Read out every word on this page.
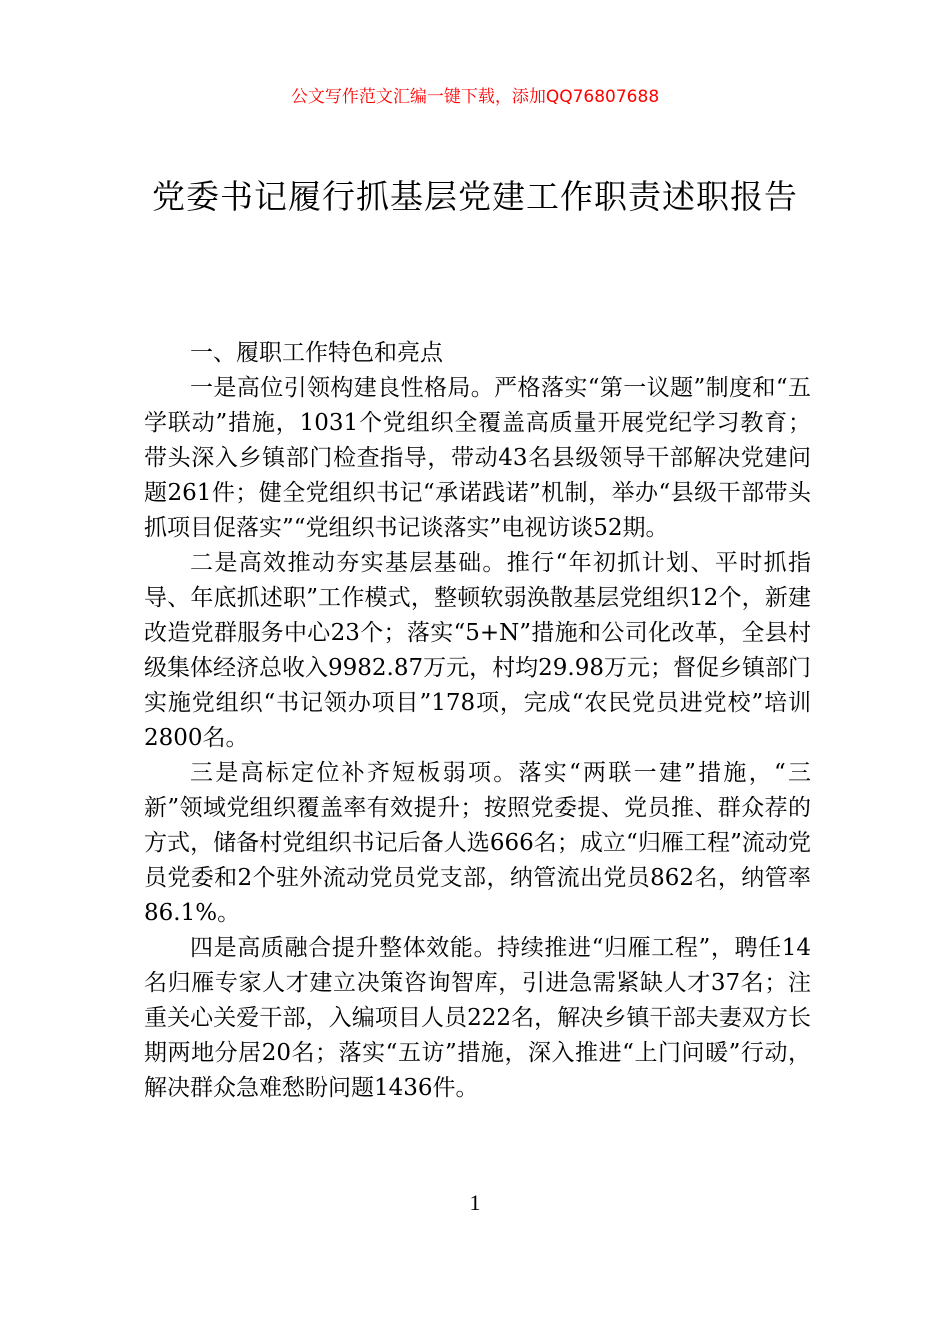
公文写作范文汇编一键下载，添加QQ76807688
党委书记履行抓基层党建工作职责述职报告

一、履职工作特色和亮点

一是高位引领构建良性格局。严格落实“第一议题”制度和“五学联动”措施，1031个党组织全覆盖高质量开展党纪学习教育；带头深入乡镇部门检查指导，带动43名县级领导干部解决党建问题261件；健全党组织书记“承诺践诺”机制，举办“县级干部带头抓项目促落实”“党组织书记谈落实”电视访谈52期。

二是高效推动夯实基层基础。推行“年初抓计划、平时抓指导、年底抓述职”工作模式，整顿软弱涣散基层党组织12个，新建改造党群服务中心23个；落实“5+N”措施和公司化改革，全县村级集体经济总收入9982.87万元，村均29.98万元；督促乡镇部门实施党组织“书记领办项目”178项，完成“农民党员进党校”培训2800名。

三是高标定位补齐短板弱项。落实“两联一建”措施，“三新”领域党组织覆盖率有效提升；按照党委提、党员推、群众荐的方式，储备村党组织书记后备人选666名；成立“归雁工程”流动党员党委和2个驻外流动党员党支部，纳管流出党员862名，纳管率86.1%。

四是高质融合提升整体效能。持续推进“归雁工程”，聘任14名归雁专家人才建立决策咨询智库，引进急需紧缺人才37名；注重关心关爱干部，入编项目人员222名，解决乡镇干部夫妻双方长期两地分居20名；落实“五访”措施，深入推进“上门问暖”行动，解决群众急难愁盼问题1436件。

1
